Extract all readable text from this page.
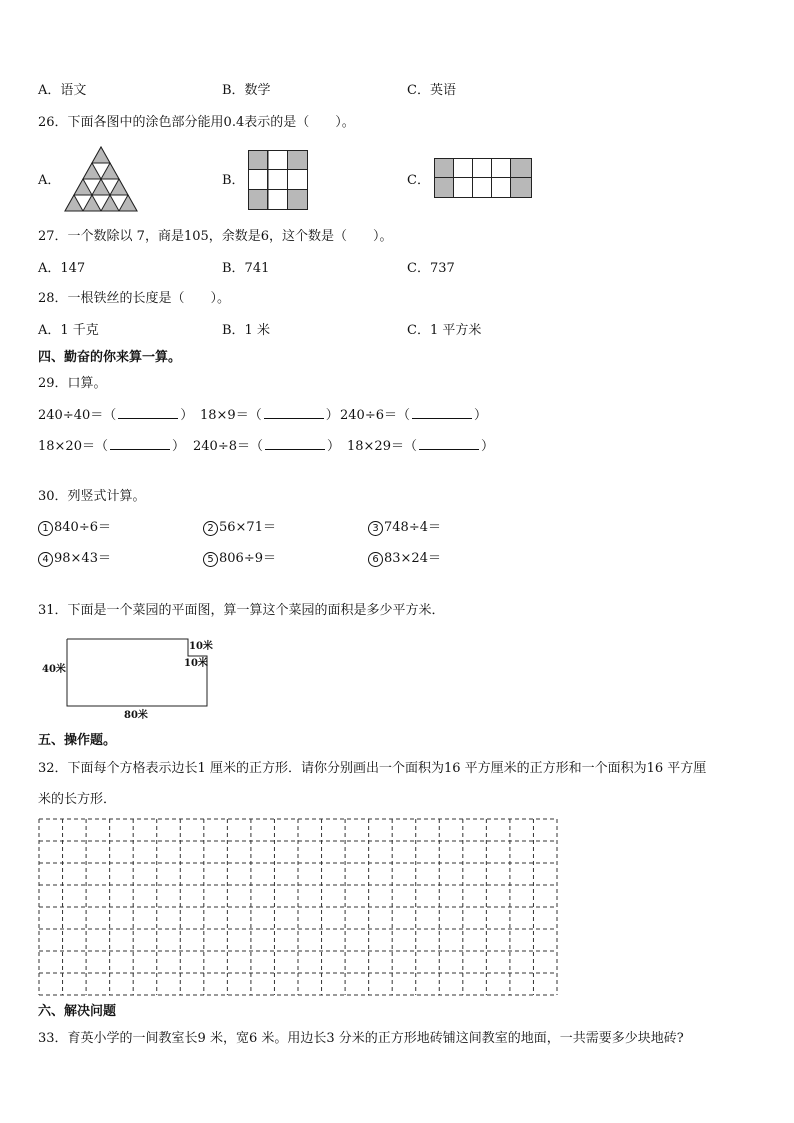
A．语文	B．数学	C．英语
26．下面各图中的涂色部分能用0.4表示的是（　　）。
A．	B．	C．
27．一个数除以 7，商是105，余数是6，这个数是（　　）。
A．147	B．741	C．737
28．一根铁丝的长度是（　　）。
A．1 千克	B．1 米	C．1 平方米
四、勤奋的你来算一算。
29．口算。
240÷40＝（	） 18×9＝（	） 240÷6＝（	）
18×20＝（	） 240÷8＝（	） 18×29＝（	）
30．列竖式计算。
1 840÷6＝	2 56×71＝	3 748÷4＝
4 98×43＝	5 806÷9＝	6 83×24＝
31．下面是一个菜园的平面图，算一算这个菜园的面积是多少平方米．
40米
10米
10米
80米
五、操作题。
32．下面每个方格表示边长1 厘米的正方形．请你分别画出一个面积为16 平方厘米的正方形和一个面积为16 平方厘
米的长方形．
六、解决问题
33．育英小学的一间教室长9 米，宽6 米。用边长3 分米的正方形地砖铺这间教室的地面，一共需要多少块地砖?
